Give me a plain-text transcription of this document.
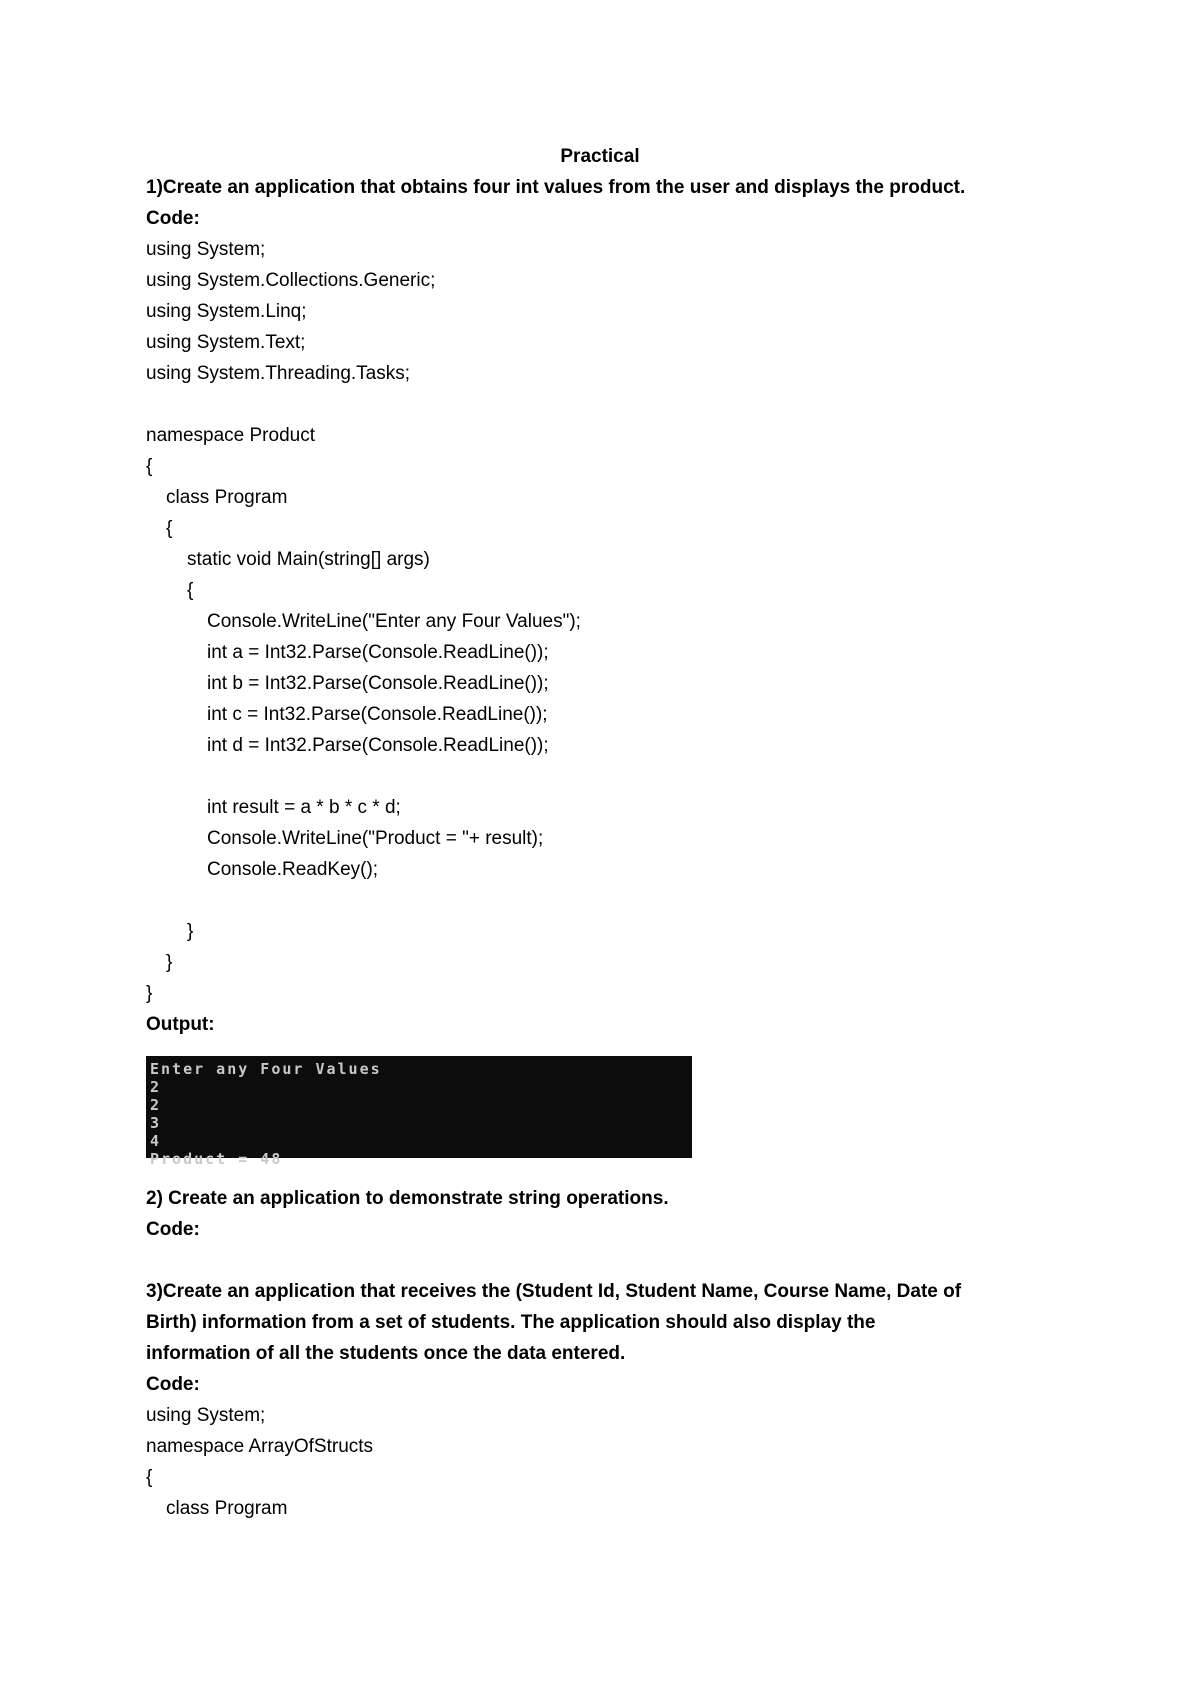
Practical
1)Create an application that obtains four int values from the user and displays the product.
Code:
using System;
using System.Collections.Generic;
using System.Linq;
using System.Text;
using System.Threading.Tasks;
namespace Product
{
class Program
{
static void Main(string[] args)
{
Console.WriteLine("Enter any Four Values");
int a = Int32.Parse(Console.ReadLine());
int b = Int32.Parse(Console.ReadLine());
int c = Int32.Parse(Console.ReadLine());
int d = Int32.Parse(Console.ReadLine());
int result = a * b * c * d;
Console.WriteLine("Product = "+ result);
Console.ReadKey();
}
}
}
Output:
Enter any Four Values
2
2
3
4
Product = 48
2) Create an application to demonstrate string operations.
Code:
3)Create an application that receives the (Student Id, Student Name, Course Name, Date of
Birth) information from a set of students. The application should also display the
information of all the students once the data entered.
Code:
using System;
namespace ArrayOfStructs
{
class Program
